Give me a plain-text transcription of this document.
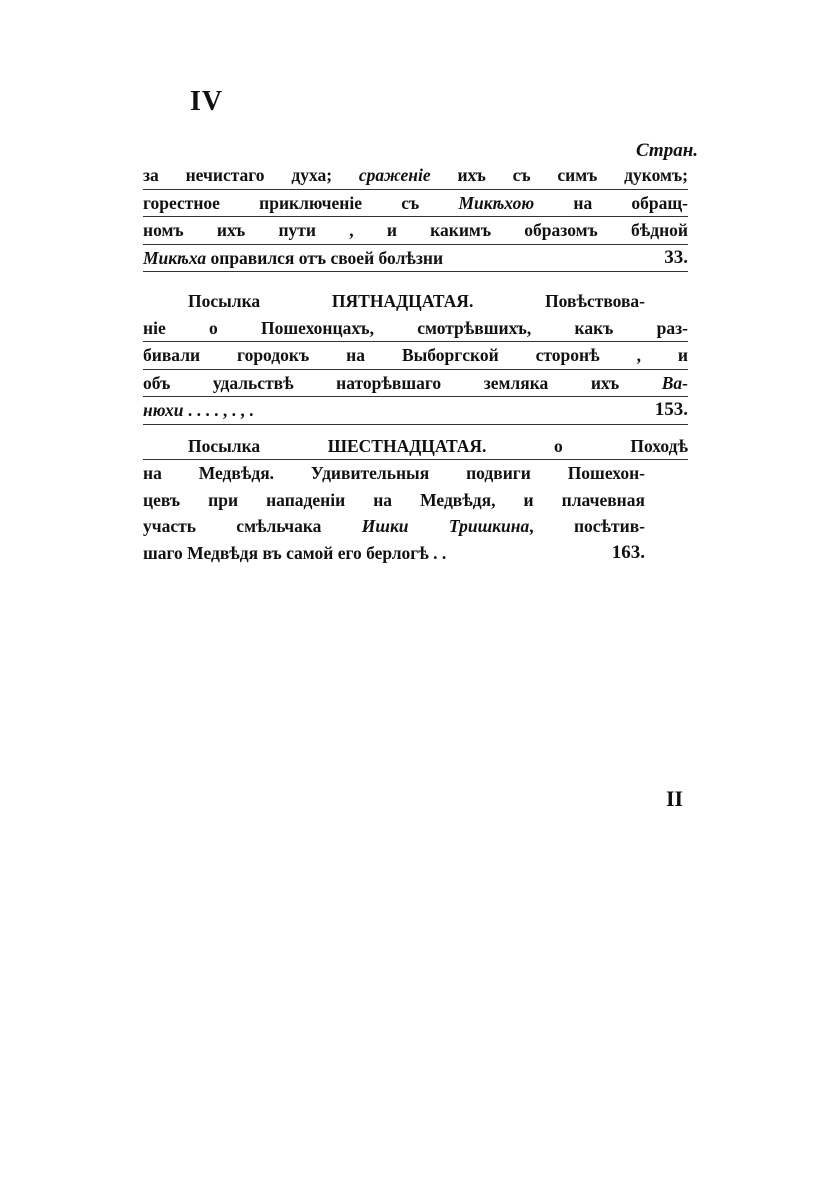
IV
Стран.
за нечистаго духа; сраженіе ихъ съ симъ дукомъ;
горестное приключеніе съ Микѣхою на обращ-
номъ ихъ пути , и какимъ образомъ бѣдной
Микѣха оправился отъ своей болѣзни	33.
Посылка ПЯТНАДЦАТАЯ. Повѣствова-
ніе о Пошехонцахъ, смотрѣвшихъ, какъ раз-
бивали городокъ на Выборгской сторонѣ , и
объ удальствѣ наторѣвшаго земляка ихъ Ва-
нюхи . . . . , . , .	153.
Посылка ШЕСТНАДЦАТАЯ. о Походѣ
на Медвѣдя. Удивительныя подвиги Пошехон-
цевъ при нападеніи на Медвѣдя, и плачевная
участь смѣльчака Ишки Тришкина, посѣтив-
шаго Медвѣдя въ самой его берлогѣ . .	163.
II
